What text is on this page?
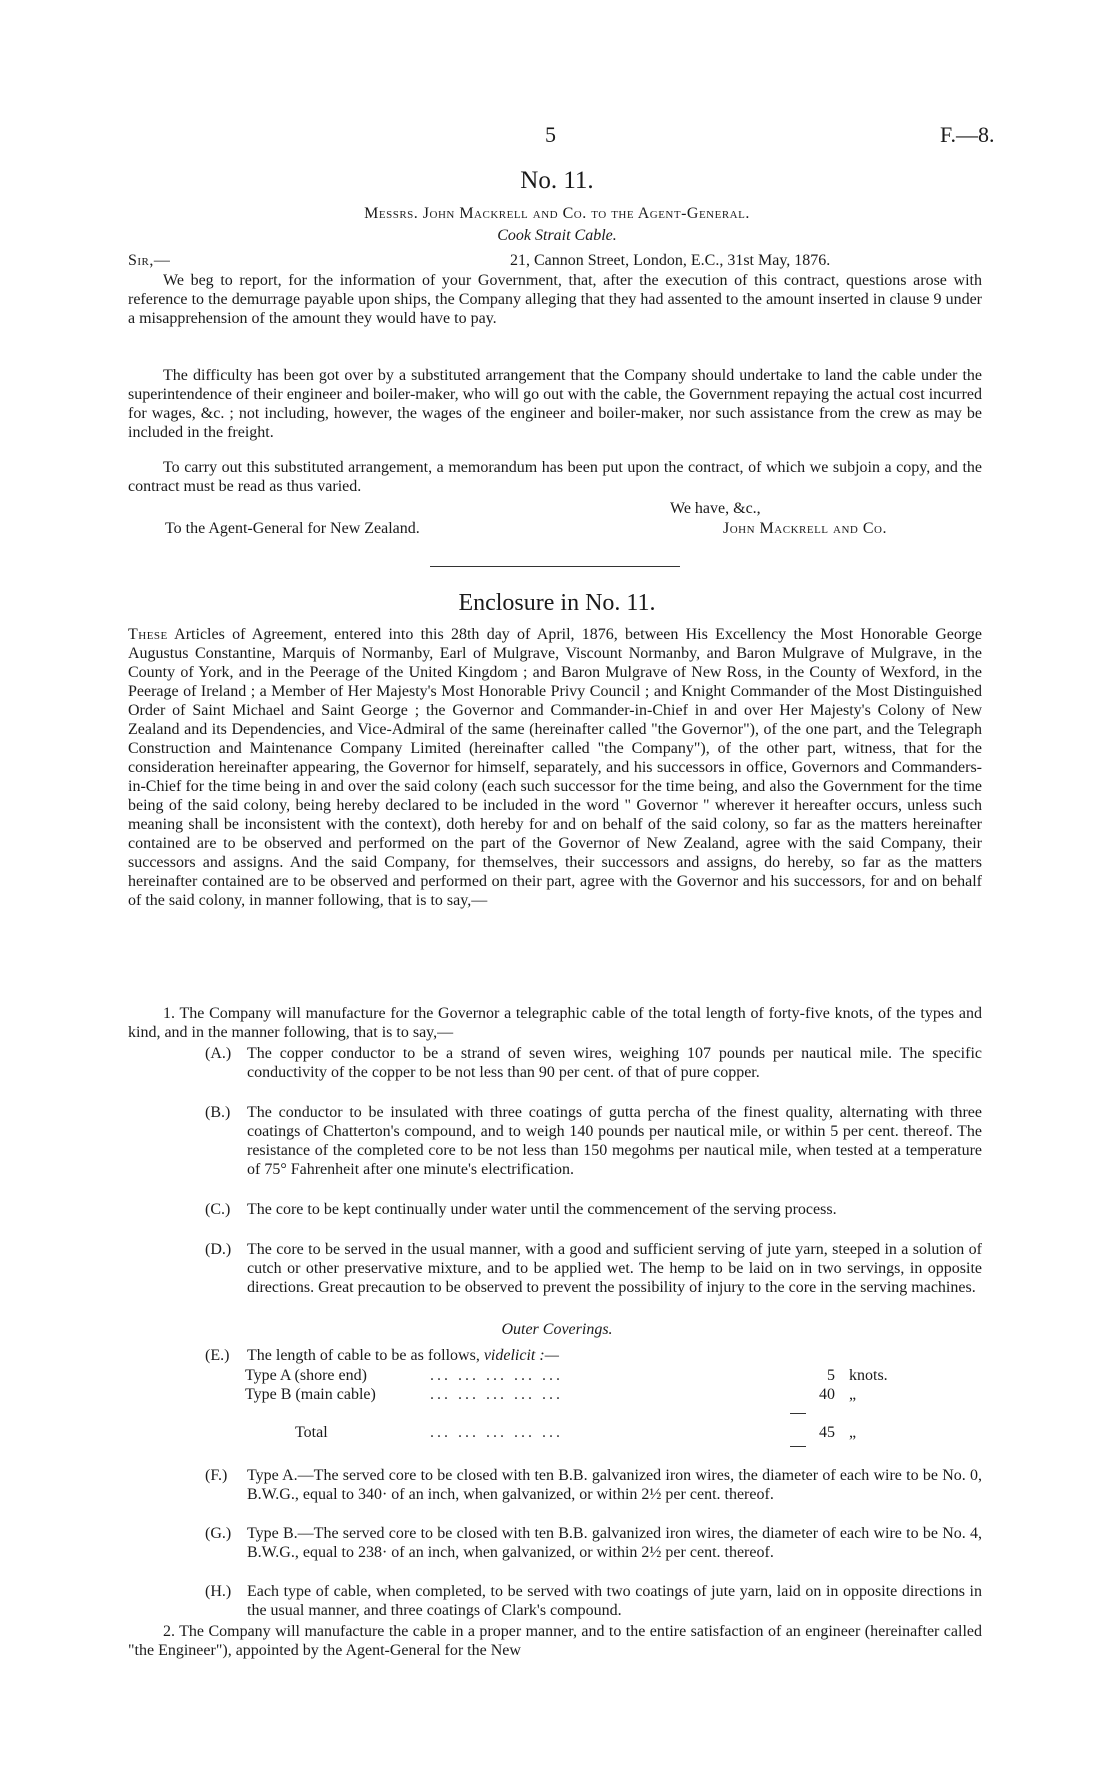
5	F.—8.
No. 11.
Messrs. John Mackrell and Co. to the Agent-General.
Cook Strait Cable.
Sir,—	21, Cannon Street, London, E.C., 31st May, 1876.

We beg to report, for the information of your Government, that, after the execution of this contract, questions arose with reference to the demurrage payable upon ships, the Company alleging that they had assented to the amount inserted in clause 9 under a misapprehension of the amount they would have to pay.

The difficulty has been got over by a substituted arrangement that the Company should undertake to land the cable under the superintendence of their engineer and boiler-maker, who will go out with the cable, the Government repaying the actual cost incurred for wages, &c. ; not including, however, the wages of the engineer and boiler-maker, nor such assistance from the crew as may be included in the freight.

To carry out this substituted arrangement, a memorandum has been put upon the contract, of which we subjoin a copy, and the contract must be read as thus varied.

We have, &c.,
To the Agent-General for New Zealand.	John Mackrell and Co.
Enclosure in No. 11.

These Articles of Agreement, entered into this 28th day of April, 1876, between His Excellency the Most Honorable George Augustus Constantine, Marquis of Normanby, Earl of Mulgrave, Viscount Normanby, and Baron Mulgrave of Mulgrave, in the County of York, and in the Peerage of the United Kingdom ; and Baron Mulgrave of New Ross, in the County of Wexford, in the Peerage of Ireland ; a Member of Her Majesty's Most Honorable Privy Council ; and Knight Commander of the Most Distinguished Order of Saint Michael and Saint George ; the Governor and Commander-in-Chief in and over Her Majesty's Colony of New Zealand and its Dependencies, and Vice-Admiral of the same (hereinafter called "the Governor"), of the one part, and the Telegraph Construction and Maintenance Company Limited (hereinafter called "the Company"), of the other part, witness, that for the consideration hereinafter appearing, the Governor for himself, separately, and his successors in office, Governors and Commanders-in-Chief for the time being in and over the said colony (each such successor for the time being, and also the Government for the time being of the said colony, being hereby declared to be included in the word " Governor " wherever it hereafter occurs, unless such meaning shall be inconsistent with the context), doth hereby for and on behalf of the said colony, so far as the matters hereinafter contained are to be observed and performed on the part of the Governor of New Zealand, agree with the said Company, their successors and assigns. And the said Company, for themselves, their successors and assigns, do hereby, so far as the matters hereinafter contained are to be observed and performed on their part, agree with the Governor and his successors, for and on behalf of the said colony, in manner following, that is to say,—

1. The Company will manufacture for the Governor a telegraphic cable of the total length of forty-five knots, of the types and kind, and in the manner following, that is to say,—

(A.) The copper conductor to be a strand of seven wires, weighing 107 pounds per nautical mile. The specific conductivity of the copper to be not less than 90 per cent. of that of pure copper.
(B.) The conductor to be insulated with three coatings of gutta percha of the finest quality, alternating with three coatings of Chatterton's compound, and to weigh 140 pounds per nautical mile, or within 5 per cent. thereof. The resistance of the completed core to be not less than 150 megohms per nautical mile, when tested at a temperature of 75° Fahrenheit after one minute's electrification.
(C.) The core to be kept continually under water until the commencement of the serving process.
(D.) The core to be served in the usual manner, with a good and sufficient serving of jute yarn, steeped in a solution of cutch or other preservative mixture, and to be applied wet. The hemp to be laid on in two servings, in opposite directions. Great precaution to be observed to prevent the possibility of injury to the core in the serving machines.
Outer Coverings.
(E.) The length of cable to be as follows, videlicit :—
Type A (shore end)	... ... ... ... ...	5 knots.
Type B (main cable)	... ... ... ... ...	40 „
Total	... ... ... ... ...	45 „
(F.) Type A.—The served core to be closed with ten B.B. galvanized iron wires, the diameter of each wire to be No. 0, B.W.G., equal to 340· of an inch, when galvanized, or within 2½ per cent. thereof.
(G.) Type B.—The served core to be closed with ten B.B. galvanized iron wires, the diameter of each wire to be No. 4, B.W.G., equal to 238· of an inch, when galvanized, or within 2½ per cent. thereof.
(H.) Each type of cable, when completed, to be served with two coatings of jute yarn, laid on in opposite directions in the usual manner, and three coatings of Clark's compound.

2. The Company will manufacture the cable in a proper manner, and to the entire satisfaction of an engineer (hereinafter called "the Engineer"), appointed by the Agent-General for the New
